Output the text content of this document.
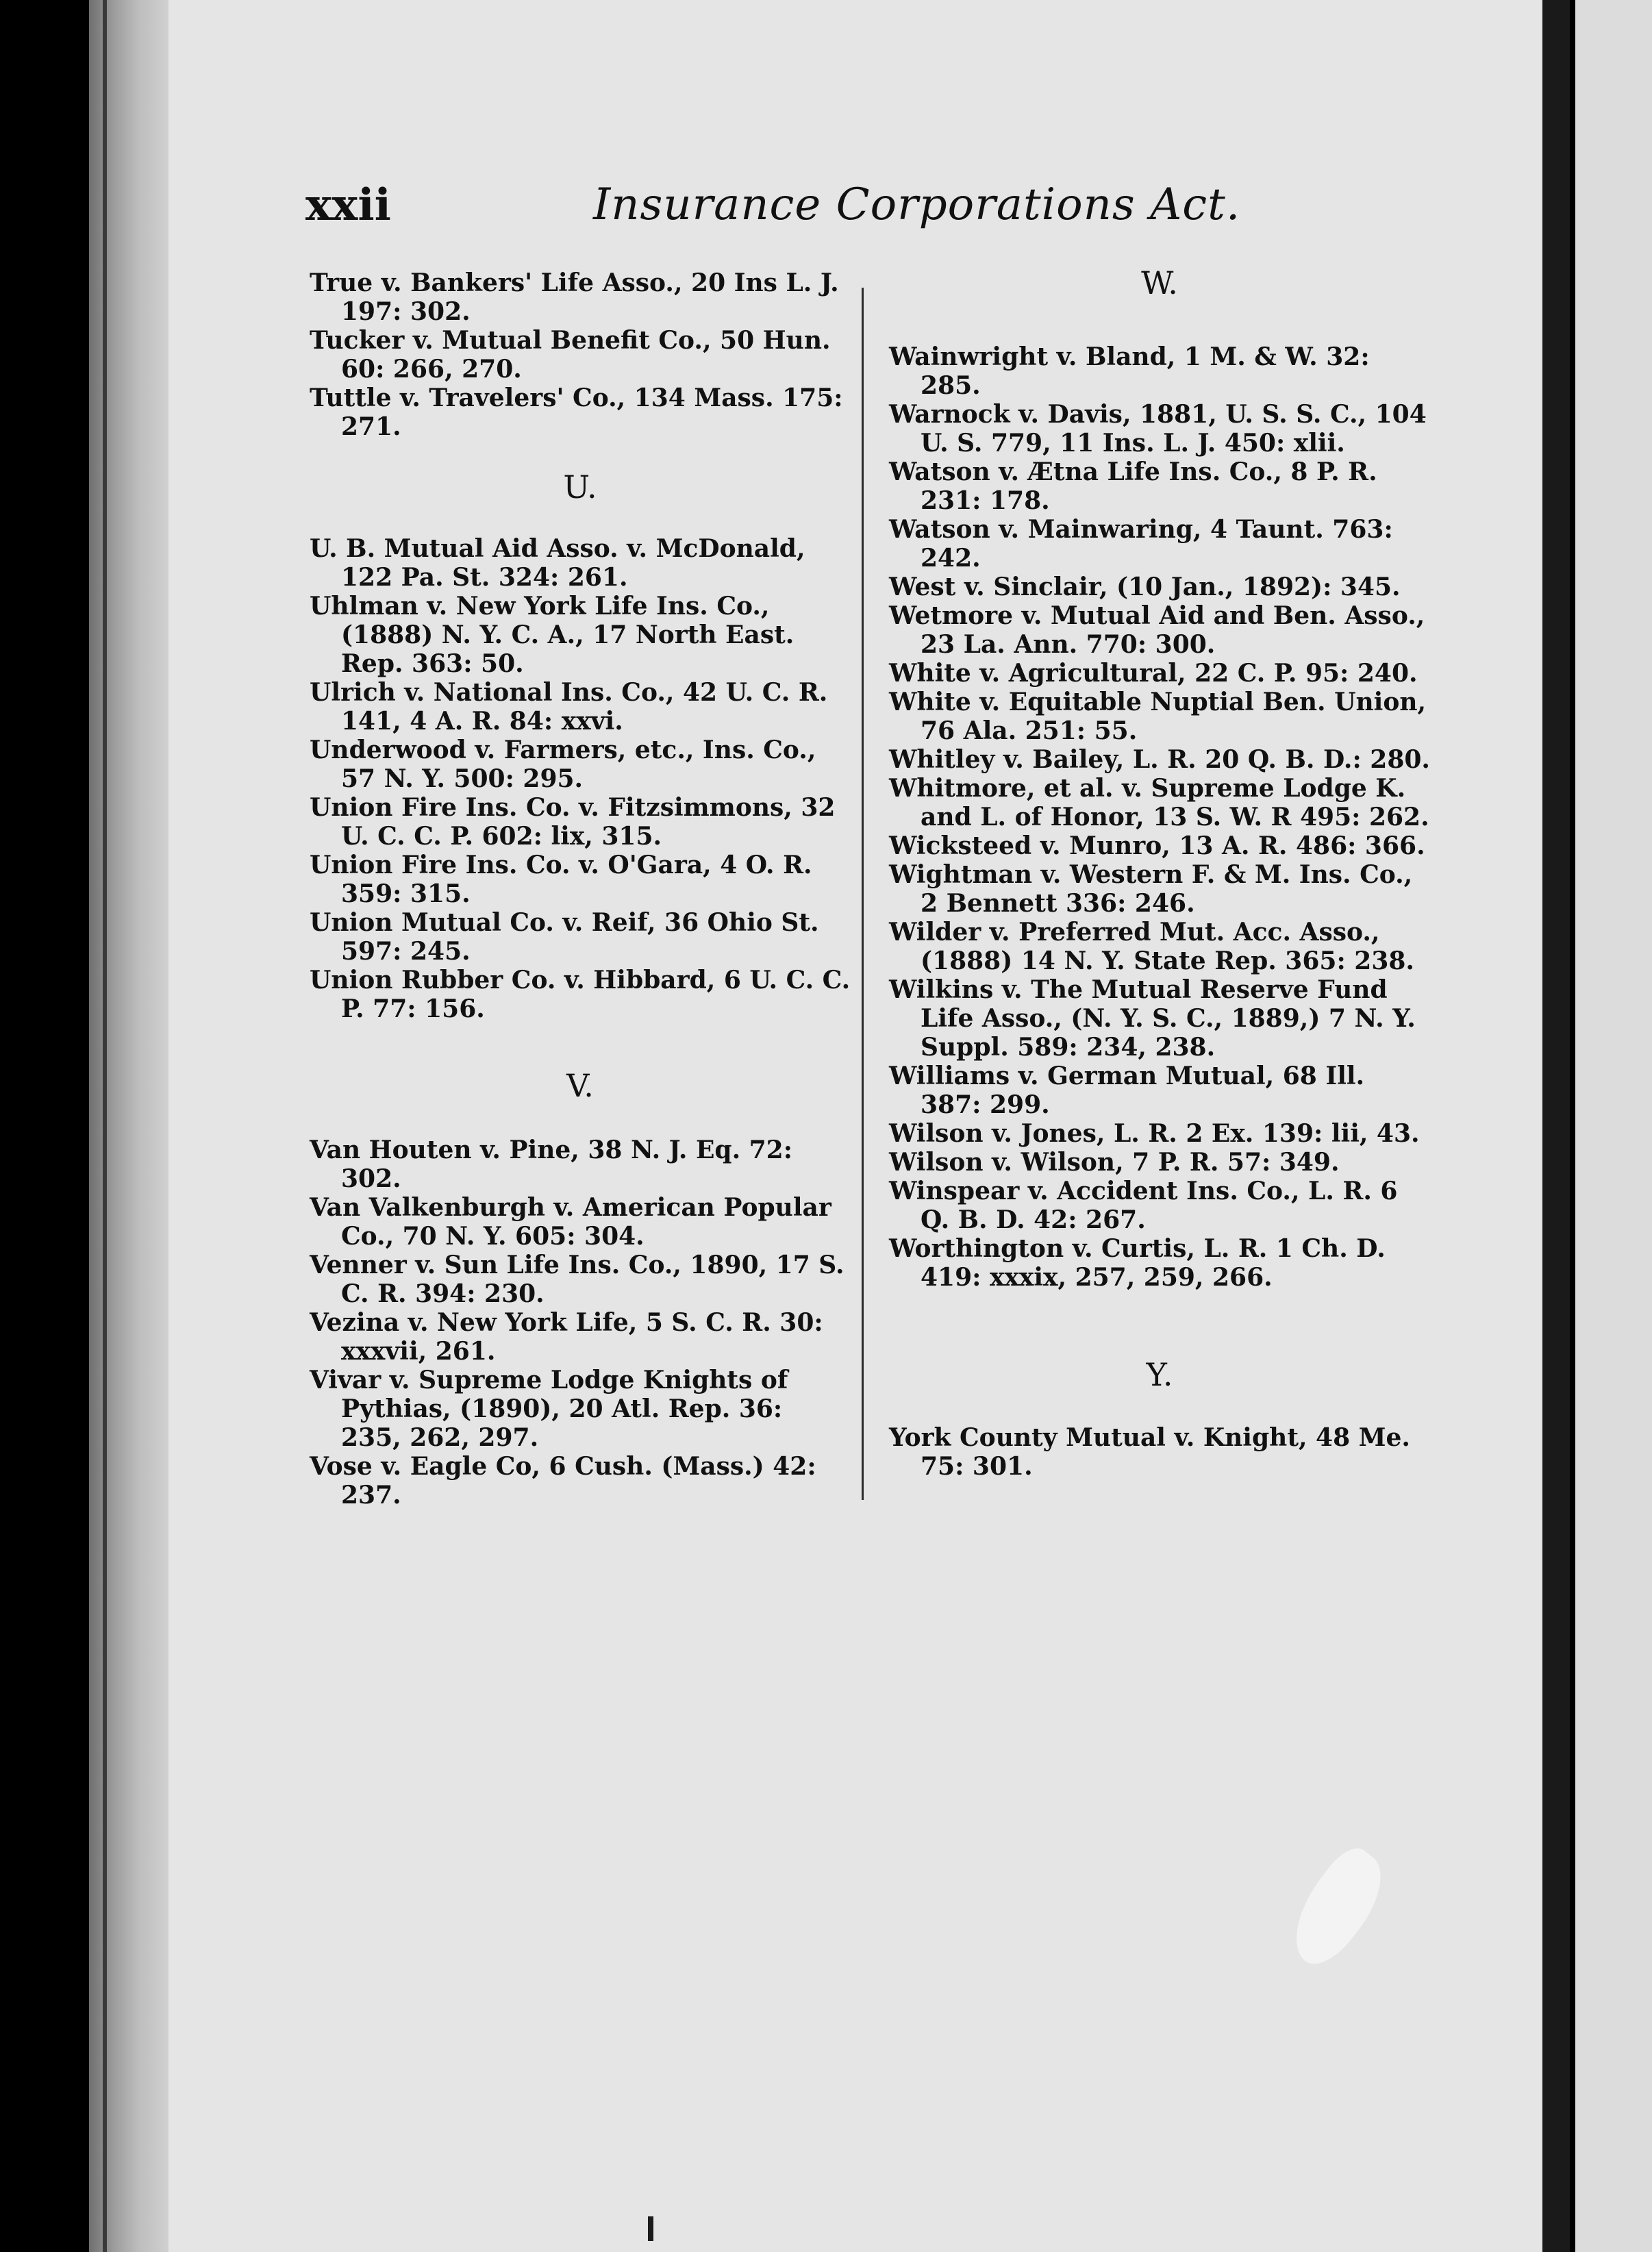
xxii	Insurance Corporations Act.

True v. Bankers' Life Asso., 20 Ins L. J. 197: 302.

Tucker v. Mutual Benefit Co., 50 Hun. 60: 266, 270.

Tuttle v. Travelers' Co., 134 Mass. 175: 271.

U.

U. B. Mutual Aid Asso. v. McDonald, 122 Pa. St. 324: 261.

Uhlman v. New York Life Ins. Co., (1888) N. Y. C. A., 17 North East. Rep. 363: 50.

Ulrich v. National Ins. Co., 42 U. C. R. 141, 4 A. R. 84: xxvi.

Underwood v. Farmers, etc., Ins. Co., 57 N. Y. 500: 295.

Union Fire Ins. Co. v. Fitzsimmons, 32 U. C. C. P. 602: lix, 315.

Union Fire Ins. Co. v. O'Gara, 4 O. R. 359: 315.

Union Mutual Co. v. Reif, 36 Ohio St. 597: 245.

Union Rubber Co. v. Hibbard, 6 U. C. C. P. 77: 156.

V.

Van Houten v. Pine, 38 N. J. Eq. 72: 302.

Van Valkenburgh v. American Popular Co., 70 N. Y. 605: 304.

Venner v. Sun Life Ins. Co., 1890, 17 S. C. R. 394: 230.

Vezina v. New York Life, 5 S. C. R. 30: xxxvii, 261.

Vivar v. Supreme Lodge Knights of Pythias, (1890), 20 Atl. Rep. 36: 235, 262, 297.

Vose v. Eagle Co, 6 Cush. (Mass.) 42: 237.

W.

Wainwright v. Bland, 1 M. & W. 32: 285.

Warnock v. Davis, 1881, U. S. S. C., 104 U. S. 779, 11 Ins. L. J. 450: xlii.

Watson v. Ætna Life Ins. Co., 8 P. R. 231: 178.

Watson v. Mainwaring, 4 Taunt. 763: 242.

West v. Sinclair, (10 Jan., 1892): 345.

Wetmore v. Mutual Aid and Ben. Asso., 23 La. Ann. 770: 300.

White v. Agricultural, 22 C. P. 95: 240.

White v. Equitable Nuptial Ben. Union, 76 Ala. 251: 55.

Whitley v. Bailey, L. R. 20 Q. B. D.: 280.

Whitmore, et al. v. Supreme Lodge K. and L. of Honor, 13 S. W. R 495: 262.

Wicksteed v. Munro, 13 A. R. 486: 366.

Wightman v. Western F. & M. Ins. Co., 2 Bennett 336: 246.

Wilder v. Preferred Mut. Acc. Asso., (1888) 14 N. Y. State Rep. 365: 238.

Wilkins v. The Mutual Reserve Fund Life Asso., (N. Y. S. C., 1889,) 7 N. Y. Suppl. 589: 234, 238.

Williams v. German Mutual, 68 Ill. 387: 299.

Wilson v. Jones, L. R. 2 Ex. 139: lii, 43.

Wilson v. Wilson, 7 P. R. 57: 349.

Winspear v. Accident Ins. Co., L. R. 6 Q. B. D. 42: 267.

Worthington v. Curtis, L. R. 1 Ch. D. 419: xxxix, 257, 259, 266.

Y.

York County Mutual v. Knight, 48 Me. 75: 301.
